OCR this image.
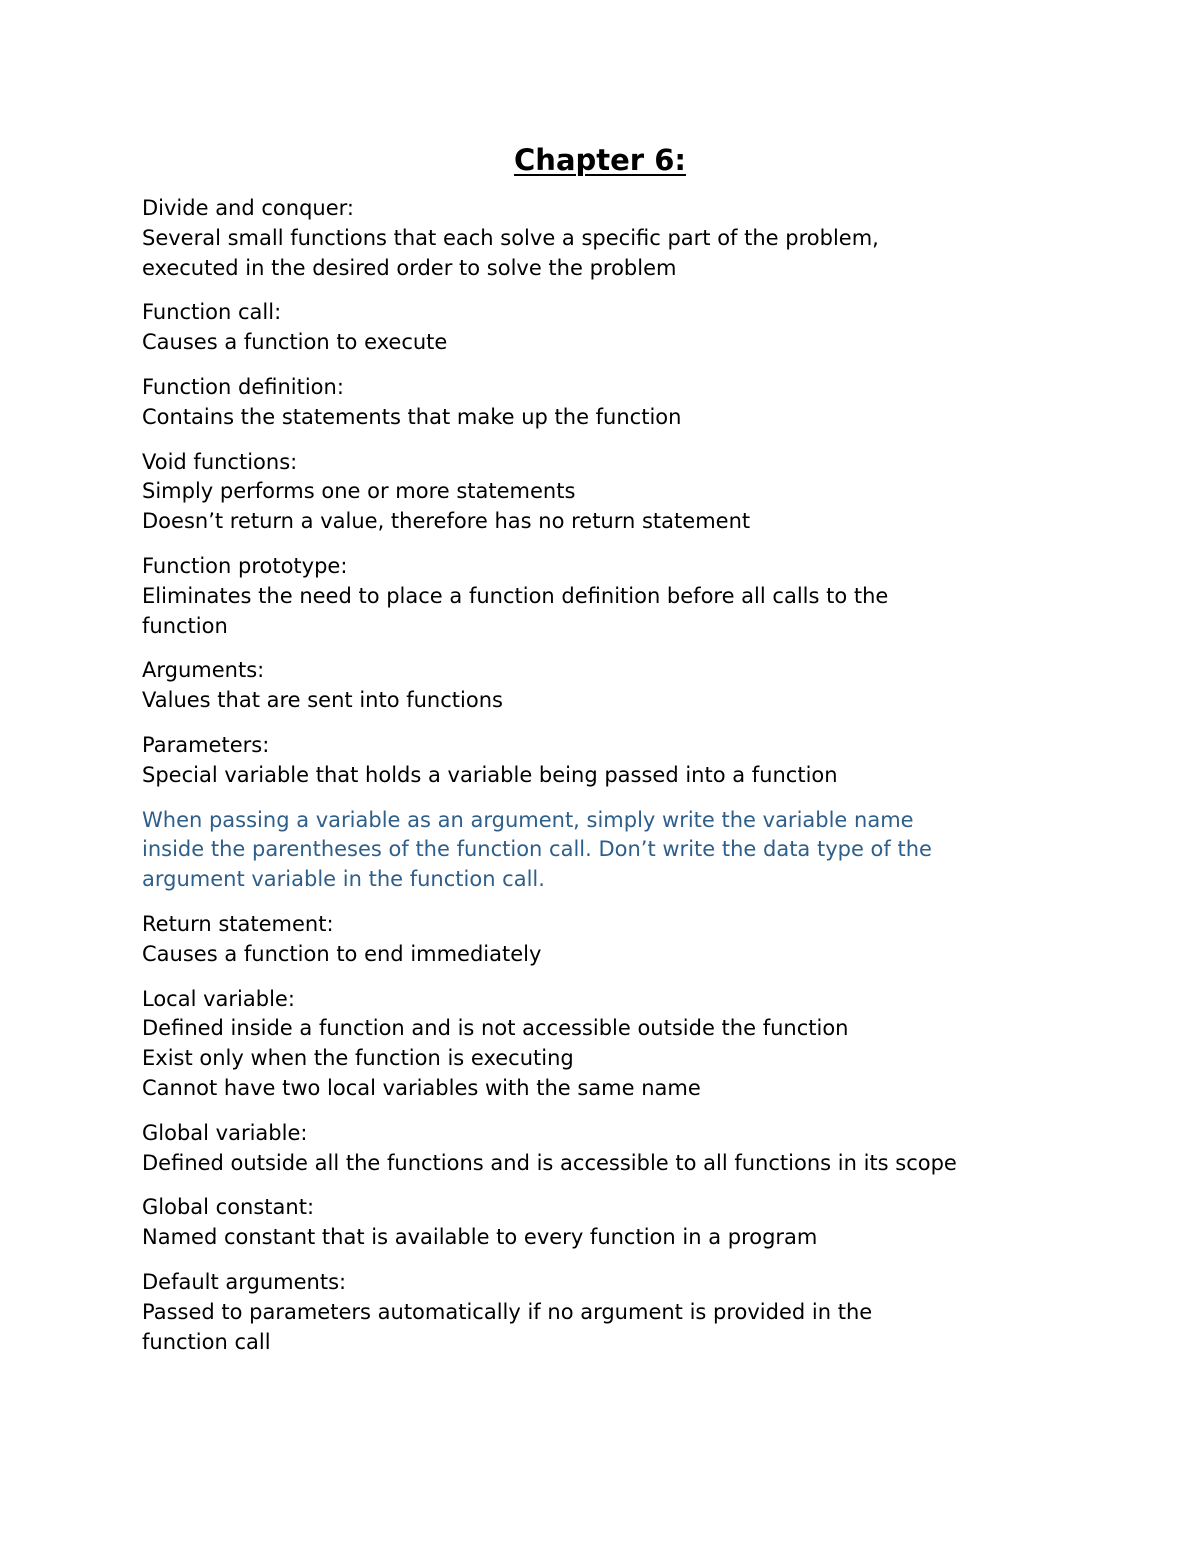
Chapter 6:
Divide and conquer:
Several small functions that each solve a specific part of the problem,
executed in the desired order to solve the problem
Function call:
Causes a function to execute
Function definition:
Contains the statements that make up the function
Void functions:
Simply performs one or more statements
Doesn’t return a value, therefore has no return statement
Function prototype:
Eliminates the need to place a function definition before all calls to the
function
Arguments:
Values that are sent into functions
Parameters:
Special variable that holds a variable being passed into a function
When passing a variable as an argument, simply write the variable name
inside the parentheses of the function call. Don’t write the data type of the
argument variable in the function call.
Return statement:
Causes a function to end immediately
Local variable:
Defined inside a function and is not accessible outside the function
Exist only when the function is executing
Cannot have two local variables with the same name
Global variable:
Defined outside all the functions and is accessible to all functions in its scope
Global constant:
Named constant that is available to every function in a program
Default arguments:
Passed to parameters automatically if no argument is provided in the
function call
